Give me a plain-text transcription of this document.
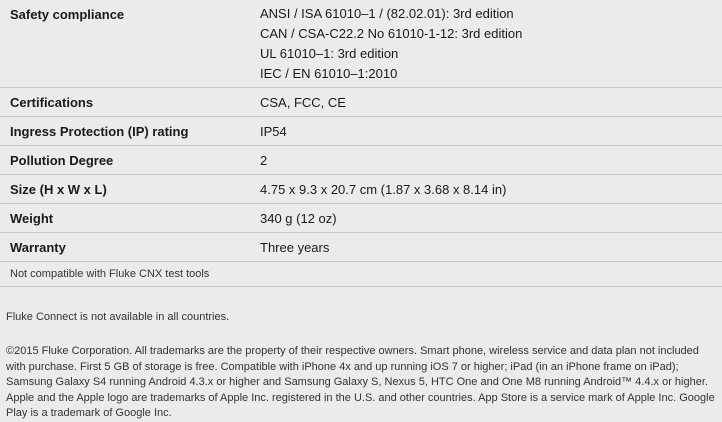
Safety compliance	ANSI / ISA 61010–1 / (82.02.01): 3rd edition
CAN / CSA-C22.2 No 61010-1-12: 3rd edition
UL 61010–1: 3rd edition
IEC / EN 61010–1:2010
Certifications	CSA, FCC, CE
Ingress Protection (IP) rating	IP54
Pollution Degree	2
Size (H x W x L)	4.75 x 9.3 x 20.7 cm (1.87 x 3.68 x 8.14 in)
Weight	340 g (12 oz)
Warranty	Three years
Not compatible with Fluke CNX test tools
Fluke Connect is not available in all countries.
©2015 Fluke Corporation. All trademarks are the property of their respective owners. Smart phone, wireless service and data plan not included with purchase. First 5 GB of storage is free. Compatible with iPhone 4x and up running iOS 7 or higher; iPad (in an iPhone frame on iPad); Samsung Galaxy S4 running Android 4.3.x or higher and Samsung Galaxy S, Nexus 5, HTC One and One M8 running Android™ 4.4.x or higher. Apple and the Apple logo are trademarks of Apple Inc. registered in the U.S. and other countries. App Store is a service mark of Apple Inc. Google Play is a trademark of Google Inc.
